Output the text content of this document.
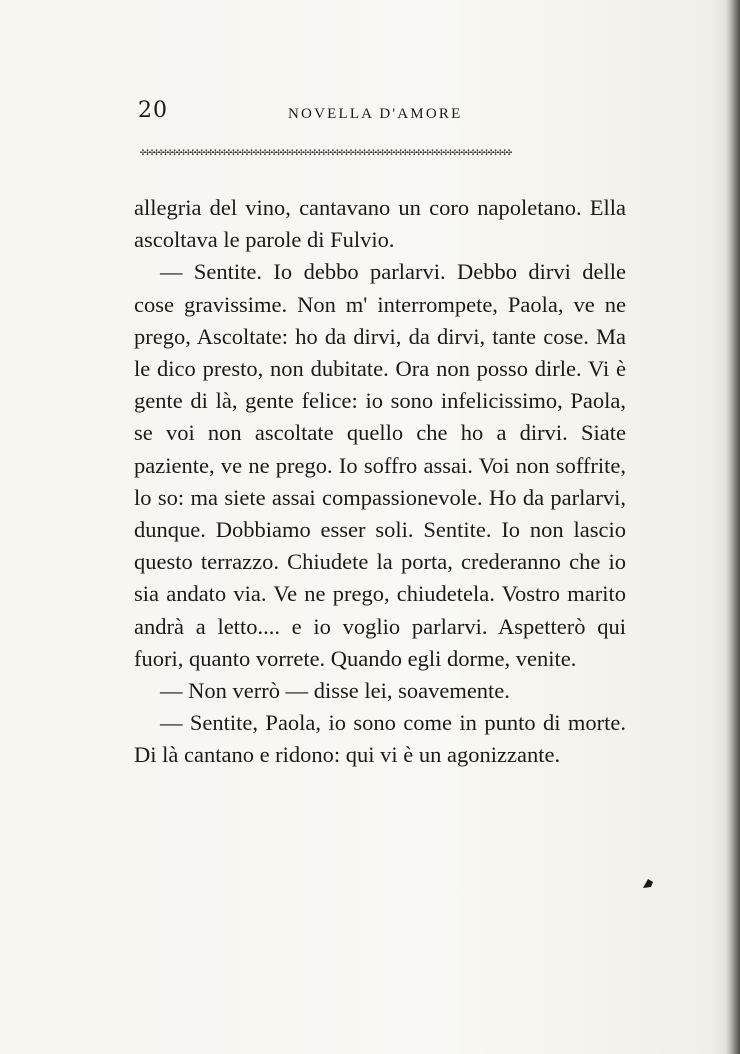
20	NOVELLA D'AMORE
✣✣✣✣✣✣✣✣✣✣✣✣✣✣✣✣✣✣✣✣✣✣✣✣✣✣✣✣✣✣✣✣✣✣✣✣✣✣✣✣✣✣✣✣✣✣✣✣✣✣✣✣✣✣✣✣✣✣✣✣✣✣✣✣✣✣✣✣✣✣✣✣✣✣✣✣✣✣✣✣✣✣

allegria del vino, cantavano un coro napoletano. Ella ascoltava le parole di Fulvio.

— Sentite. Io debbo parlarvi. Debbo dirvi delle cose gravissime. Non m' interrompete, Paola, ve ne prego, Ascoltate: ho da dirvi, da dirvi, tante cose. Ma le dico presto, non dubitate. Ora non posso dirle. Vi è gente di là, gente felice: io sono infelicissimo, Paola, se voi non ascoltate quello che ho a dirvi. Siate paziente, ve ne prego. Io soffro assai. Voi non soffrite, lo so: ma siete assai compassionevole. Ho da parlarvi, dunque. Dobbiamo esser soli. Sentite. Io non lascio questo terrazzo. Chiudete la porta, crederanno che io sia andato via. Ve ne prego, chiudetela. Vostro marito andrà a letto.... e io voglio parlarvi. Aspetterò qui fuori, quanto vorrete. Quando egli dorme, venite.

— Non verrò — disse lei, soavemente.

— Sentite, Paola, io sono come in punto di morte. Di là cantano e ridono: qui vi è un agonizzante.
